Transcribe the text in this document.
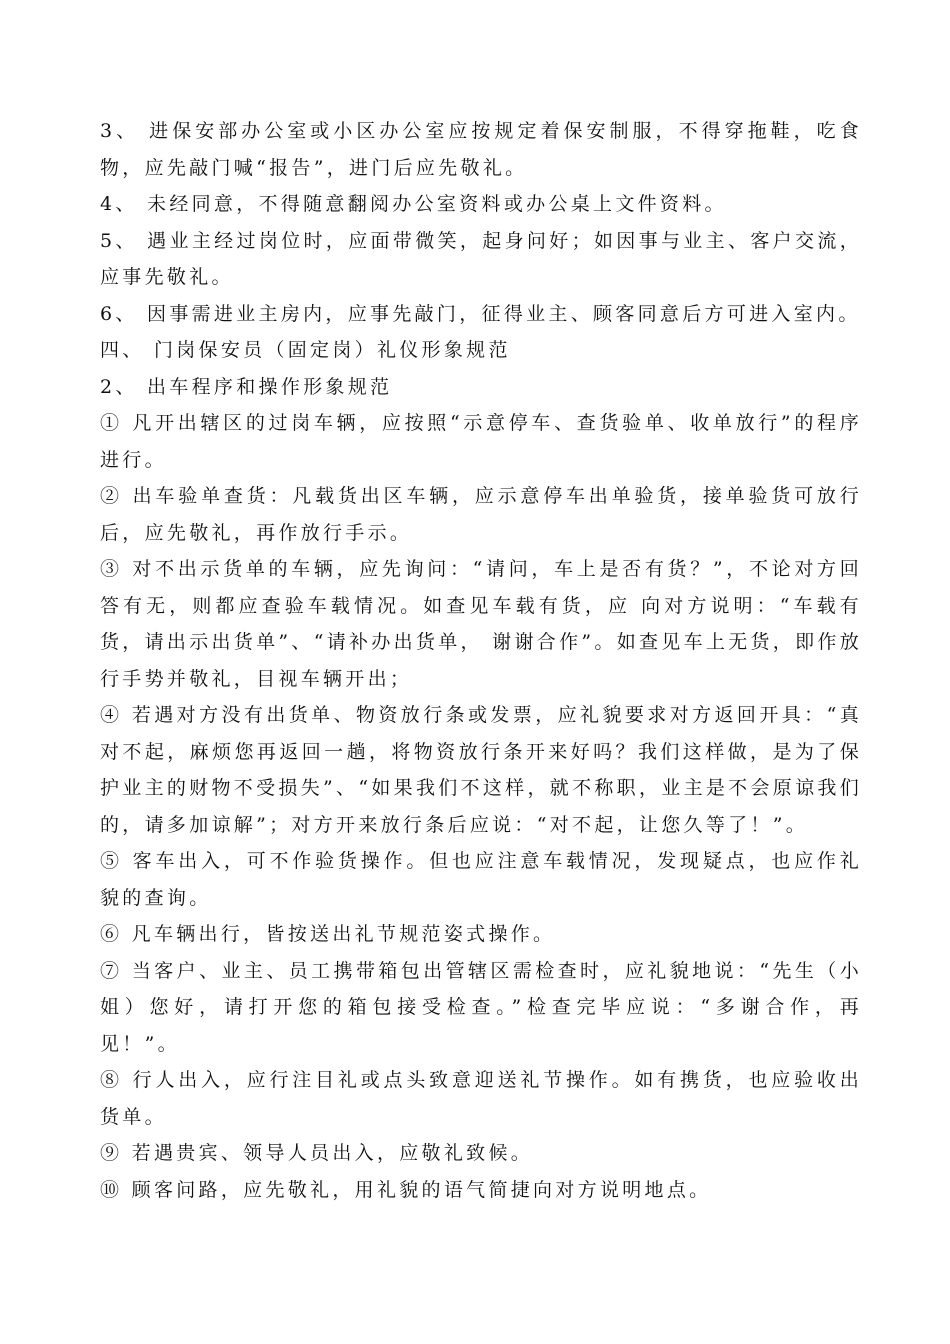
3、 进保安部办公室或小区办公室应按规定着保安制服，不得穿拖鞋，吃食物，应先敲门喊“报告”，进门后应先敬礼。

4、 未经同意，不得随意翻阅办公室资料或办公桌上文件资料。

5、 遇业主经过岗位时，应面带微笑，起身问好；如因事与业主、客户交流，应事先敬礼。

6、 因事需进业主房内，应事先敲门，征得业主、顾客同意后方可进入室内。

四、 门岗保安员（固定岗）礼仪形象规范

2、 出车程序和操作形象规范

① 凡开出辖区的过岗车辆，应按照“示意停车、查货验单、收单放行”的程序进行。

② 出车验单查货：凡载货出区车辆，应示意停车出单验货，接单验货可放行后，应先敬礼，再作放行手示。

③ 对不出示货单的车辆，应先询问：“请问，车上是否有货？”，不论对方回答有无，则都应查验车载情况。如查见车载有货，应 向对方说明：“车载有货，请出示出货单”、“请补办出货单， 谢谢合作”。如查见车上无货，即作放行手势并敬礼，目视车辆开出；

④ 若遇对方没有出货单、物资放行条或发票，应礼貌要求对方返回开具：“真对不起，麻烦您再返回一趟，将物资放行条开来好吗？我们这样做，是为了保护业主的财物不受损失”、“如果我们不这样，就不称职，业主是不会原谅我们的，请多加谅解”；对方开来放行条后应说：“对不起，让您久等了！”。

⑤ 客车出入，可不作验货操作。但也应注意车载情况，发现疑点，也应作礼貌的查询。

⑥ 凡车辆出行，皆按送出礼节规范姿式操作。

⑦ 当客户、业主、员工携带箱包出管辖区需检查时，应礼貌地说：“先生（小姐）您好，请打开您的箱包接受检查。”检查完毕应说：“多谢合作，再见！”。

⑧ 行人出入，应行注目礼或点头致意迎送礼节操作。如有携货，也应验收出货单。

⑨ 若遇贵宾、领导人员出入，应敬礼致候。

⑩ 顾客问路，应先敬礼，用礼貌的语气简捷向对方说明地点。
